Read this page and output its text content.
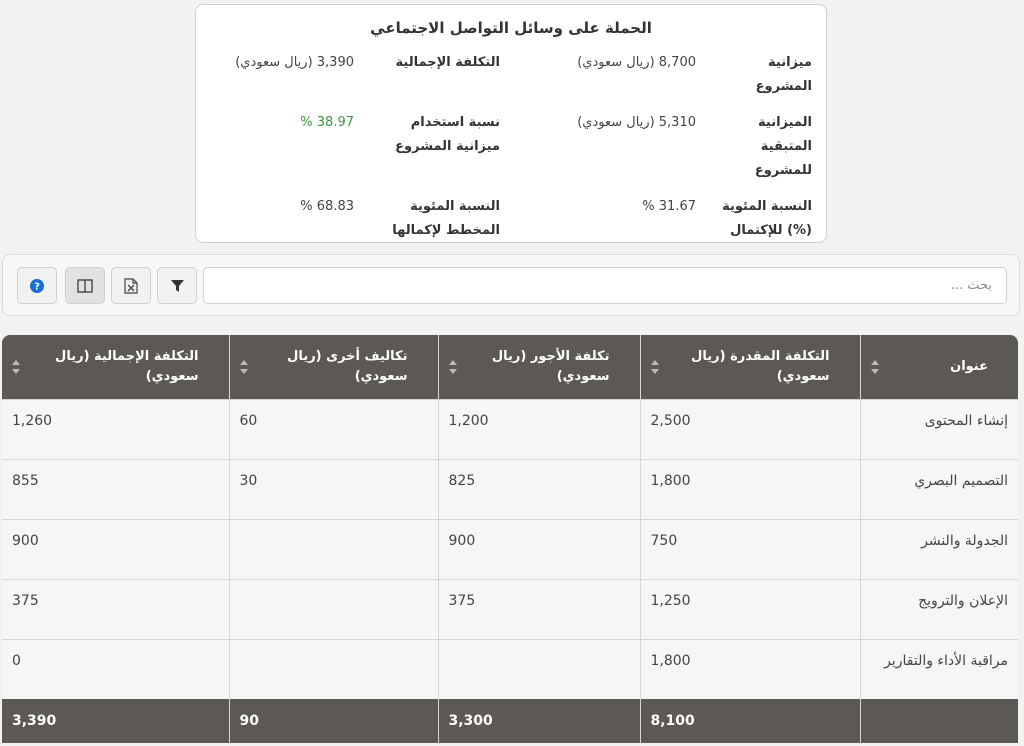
الحملة على وسائل التواصل الاجتماعي
ميزانية المشروع
8,700 (ريال سعودي)
التكلفة الإجمالية
3,390 (ريال سعودي)
الميزانية المتبقية للمشروع
5,310 (ريال سعودي)
نسبة استخدام ميزانية المشروع
38.97 %
النسبة المئوية (%) للإكتمال
31.67 %
النسبة المئوية المخطط لإكمالها
68.83 %
?
بحث ...
عنوان	التكلفة المقدرة (ريال سعودي)	تكلفة الأجور (ريال سعودي)	تكاليف أخرى (ريال سعودي)	التكلفة الإجمالية (ريال سعودي)

إنشاء المحتوى	2,500	1,200	60	1,260
التصميم البصري	1,800	825	30	855
الجدولة والنشر	750	900		900
الإعلان والترويج	1,250	375		375
مراقبة الأداء والتقارير	1,800			0
	8,100	3,300	90	3,390
